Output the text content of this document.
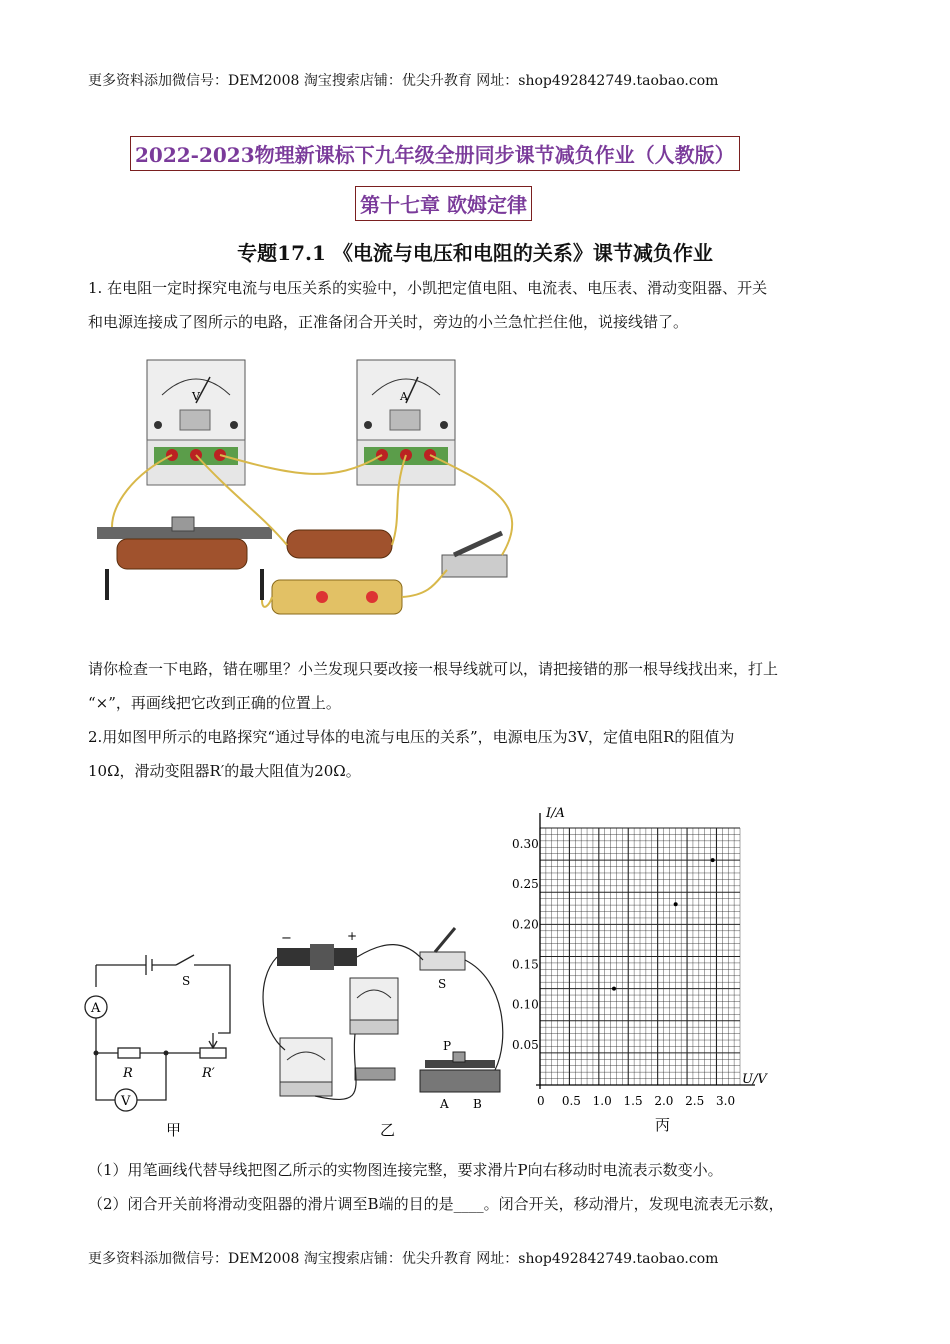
更多资料添加微信号：DEM2008 淘宝搜索店铺：优尖升教育 网址：shop492842749.taobao.com
2022-2023物理新课标下九年级全册同步课节减负作业（人教版）
第十七章 欧姆定律
专题17.1 《电流与电压和电阻的关系》课节减负作业
1. 在电阻一定时探究电流与电压关系的实验中，小凯把定值电阻、电流表、电压表、滑动变阻器、开关
和电源连接成了图所示的电路，正准备闭合开关时，旁边的小兰急忙拦住他，说接线错了。
V	A
请你检查一下电路，错在哪里？小兰发现只要改接一根导线就可以，请把接错的那一根导线找出来，打上
“×”，再画线把它改到正确的位置上。
2.用如图甲所示的电路探究“通过导体的电流与电压的关系”，电源电压为3V，定值电阻R的阻值为
10Ω，滑动变阻器R′的最大阻值为20Ω。
A
V
S
R	R′
甲
−	+
S
P
A B
乙
0 0.5 1.0 1.5 2.0 2.5 3.0
0.05
0.10
0.15
0.20
0.25
0.30
I/A
U/V
丙
（1）用笔画线代替导线把图乙所示的实物图连接完整，要求滑片P向右移动时电流表示数变小。
（2）闭合开关前将滑动变阻器的滑片调至B端的目的是____。闭合开关，移动滑片，发现电流表无示数，
更多资料添加微信号：DEM2008 淘宝搜索店铺：优尖升教育 网址：shop492842749.taobao.com
